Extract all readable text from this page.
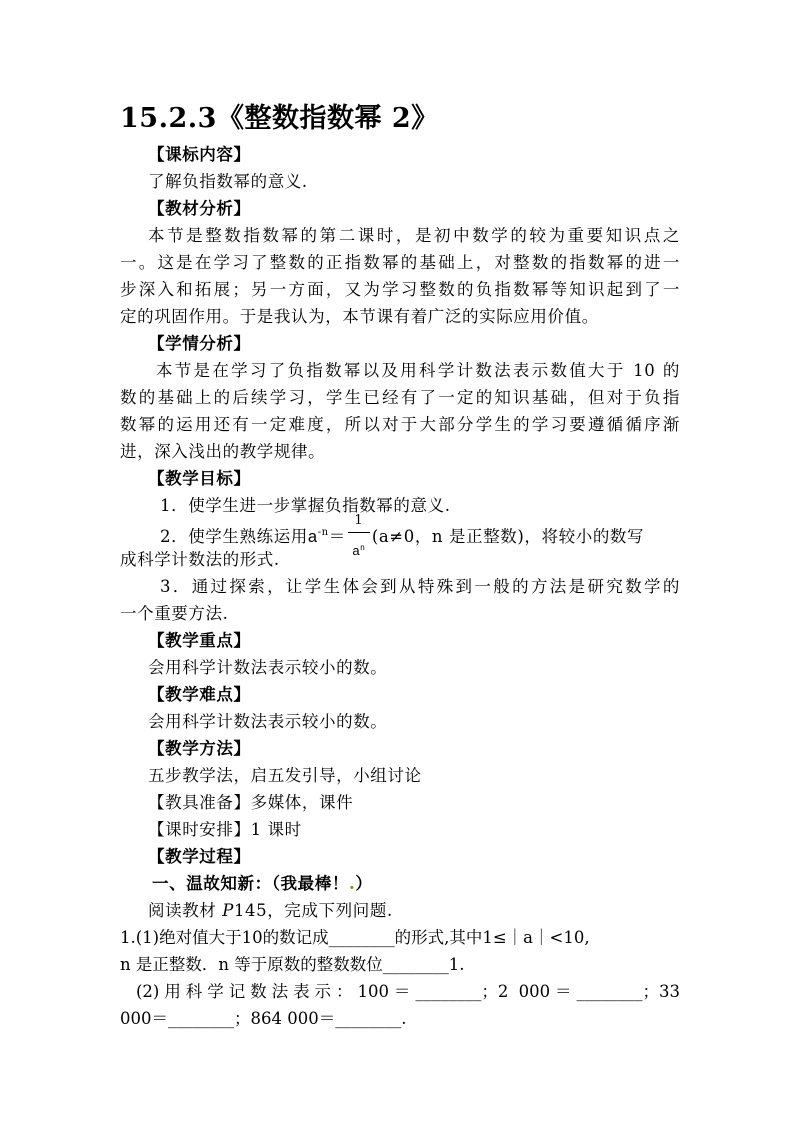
15.2.3《整数指数幂 2》
【课标内容】
了解负指数幂的意义.
【教材分析】
本节是整数指数幂的第二课时，是初中数学的较为重要知识点之
一。这是在学习了整数的正指数幂的基础上，对整数的指数幂的进一
步深入和拓展；另一方面，又为学习整数的负指数幂等知识起到了一
定的巩固作用。于是我认为，本节课有着广泛的实际应用价值。
【学情分析】
本节是在学习了负指数幂以及用科学计数法表示数值大于 10 的
数的基础上的后续学习，学生已经有了一定的知识基础，但对于负指
数幂的运用还有一定难度，所以对于大部分学生的学习要遵循循序渐
进，深入浅出的教学规律。
【教学目标】
1．使学生进一步掌握负指数幂的意义.
2．使学生熟练运用$a^{-n}= \frac{1}{a^n} (a\ne 0$，n 是正整数)，将较小的数写
成科学计数法的形式.
3．通过探索，让学生体会到从特殊到一般的方法是研究数学的
一个重要方法.
【教学重点】
会用科学计数法表示较小的数。
【教学难点】
会用科学计数法表示较小的数。
【教学方法】
五步教学法，启五发引导，小组讨论
【教具准备】多媒体，课件
【课时安排】1 课时
【教学过程】
一、温故知新：（我最棒！.）
阅读教材 P145，完成下列问题.
1.(1)绝对值大于10的数记成________的形式,其中1≤｜a｜<10,
n 是正整数．n 等于原数的整数数位________1.
(2)用科学记数法表示：100＝________；2 000＝________；33
000＝________；864 000＝________.
